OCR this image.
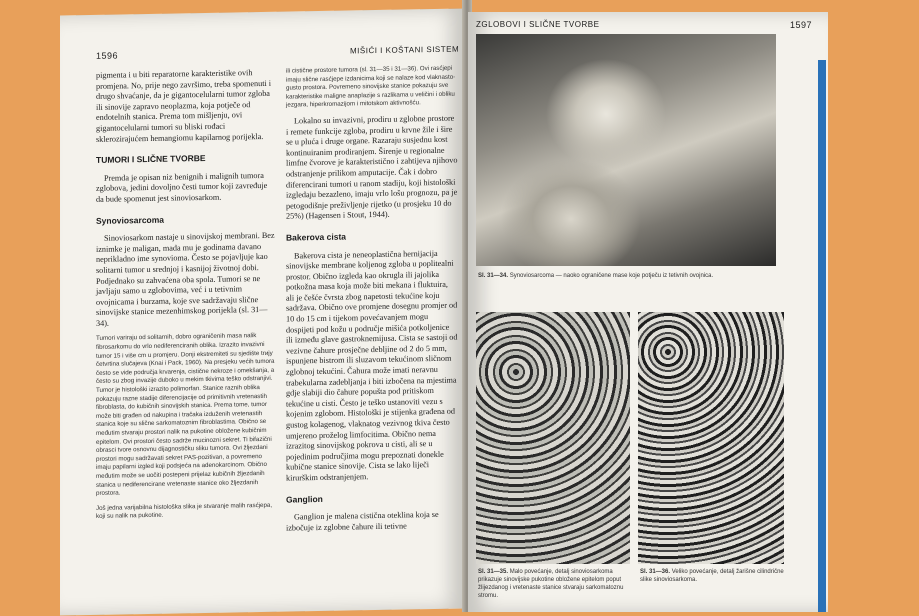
1596
MIŠIĆI I KOŠTANI SISTEM

pigmenta i u biti reparatorne karakteristike ovih promjena. No, prije nego završimo, treba spomenuti i drugo shvaćanje, da je gigantocelularni tumor zgloba ili sinovije zapravo neoplazma, koja potječe od endotelnih stanica. Prema tom mišljenju, ovi gigantocelularni tumori su bliski rođaci sklerozirajućem hemangiomu kapilarnog porijekla.

TUMORI I SLIČNE TVORBE

Premda je opisan niz benignih i malignih tumora zglobova, jedini dovoljno česti tumor koji zavređuje da bude spomenut jest sinoviosarkom.

Synoviosarcoma

Sinoviosarkom nastaje u sinovijskoj membrani. Bez iznimke je maligan, mada mu je godinama davano neprikladno ime synovioma. Često se pojavljuje kao solitarni tumor u srednjoj i kasnijoj životnoj dobi. Podjednako su zahvaćena oba spola. Tumori se ne javljaju samo u zglobovima, već i u tetivnim ovojnicama i burzama, koje sve sadržavaju slične sinovijske stanice mezenhimskog porijekla (sl. 31—34).

Tumori variraju od solitarnih, dobro ograničenih masa nalik fibrosarkomu do vrlo nediferenciranih oblika. Izrazito invazivni tumor 15 i više cm u promjeru. Donji ekstremiteti su sjedište trију četvrtina slučajeva (Knai i Pack, 1960). Na presjeku većih tumora često se vide područja krvarenja, cistične nekroze i omekšanja, a često su zbog invazije duboko u mekim tkivima teško odstranjivi. Tumor je histološki izrazito polimorfan. Stanice raznih oblika pokazuju razne stadije diferencijacije od primitivnih vretenastih fibroblasta, do kubičnih sinovijskih stanica. Prema tome, tumor može biti građen od nakupina i tračaka izduženih vretenastih stanica koje su slične sarkomatoznim fibroblastima. Obično se međutim stvaraju prostori nalik na pukotine obložene kubičnim epitelom. Ovi prostori često sadrže mucinozni sekret. Ti bifazični obrasci tvore osnovnu dijagnostičku sliku tumora. Ovi žljezdani prostori mogu sadržavati sekret PAS-pozitivan, a povremeno imaju papilarni izgled koji podsjeća na adenokarcinom. Obično međutim može se uočiti postepeni prijelaz kubičnih žljezdanih stanica u nediferencirane vretenaste stanice oko žljezdanih prostora.

Još jedna varijabilna histološka slika je stvaranje malih rasćjepa, koji su nalik na pukotine.

ili cistične prostore tumora (sl. 31—35 i 31—36). Ovi rasćjepi imaju slične rasćjepe izdanicima koji se nalaze kod vlaknasto-gusto prostora. Povremeno sinovijske stanice pokazuju sve karakteristike maligne anaplazije s razlikama u veličini i obliku jezgara, hiperkromazijom i mitotskom aktivnošću.

Lokalno su invazivni, prodiru u zglobne prostore i remete funkcije zgloba, prodiru u krvne žile i šire se u pluća i druge organe. Razaraju susjednu kost kontinuiranim prodiranjem. Širenje u regionalne limfne čvorove je karakteristično i zahtijeva njihovo odstranjenje prilikom amputacije. Čak i dobro diferencirani tumori u ranom stadiju, koji histološki izgledaju bezazleno, imaju vrlo lošu prognozu, pa je petogodišnje preživljenje rijetko (u prosjeku 10 do 25%) (Hagensen i Stout, 1944).

Bakerova cista

Bakerova cista je neneoplastična hernijacija sinovijske membrane koljenog zgloba u poplitealni prostor. Obično izgleda kao okrugla ili jajolika potkožna masa koja može biti mekana i fluktuira, ali je češće čvrsta zbog napetosti tekućine koju sadržava. Obično ove promjene dosegnu promjer od 10 do 15 cm i tijekom povećavanjem mogu dospijeti pod kožu u područje mišića potkoljenice ili između glave gastroknemijusa. Cista se sastoji od vezivne čahure prosječne debljine od 2 do 5 mm, ispunjene bistrom ili sluzavom tekućinom sličnom zglobnoj tekućini. Čahura može imati neravnu trabekularna zadebljanja i biti izbočena na mjestima gdje slabiji dio čahure popušta pod pritiskom tekućine u cisti. Često je teško ustanoviti vezu s kojenim zglobom. Histološki je stijenka građena od gustog kolagenog, vlaknatog vezivnog tkiva često umjereno proželog limfocitima. Obično nema izrazitog sinovijskog pokrova u cisti, ali se u pojedinim područjima mogu prepoznati donekle kubične stanice sinovije. Cista se lako liječi kirurškim odstranjenjem.

Ganglion

Ganglion je malena cistična oteklina koja se izbočuje iz zglobne čahure ili tetivne

ZGLOBOVI I SLIČNE TVORBE	1597
Sl. 31—34. Synoviosarcoma — naoko ograničene mase koje potječu iz tetivnih ovojnica.
Sl. 31—35. Malo povećanje, detalj sinoviosarkoma prikazuje sinovijske pukotine obložene epitelom poput žlijezdanog i vretenaste stanice stvaraju sarkomatoznu stromu.
Sl. 31—36. Veliko povećanje, detalj žarišne cilindrične slike sinoviosarkoma.
